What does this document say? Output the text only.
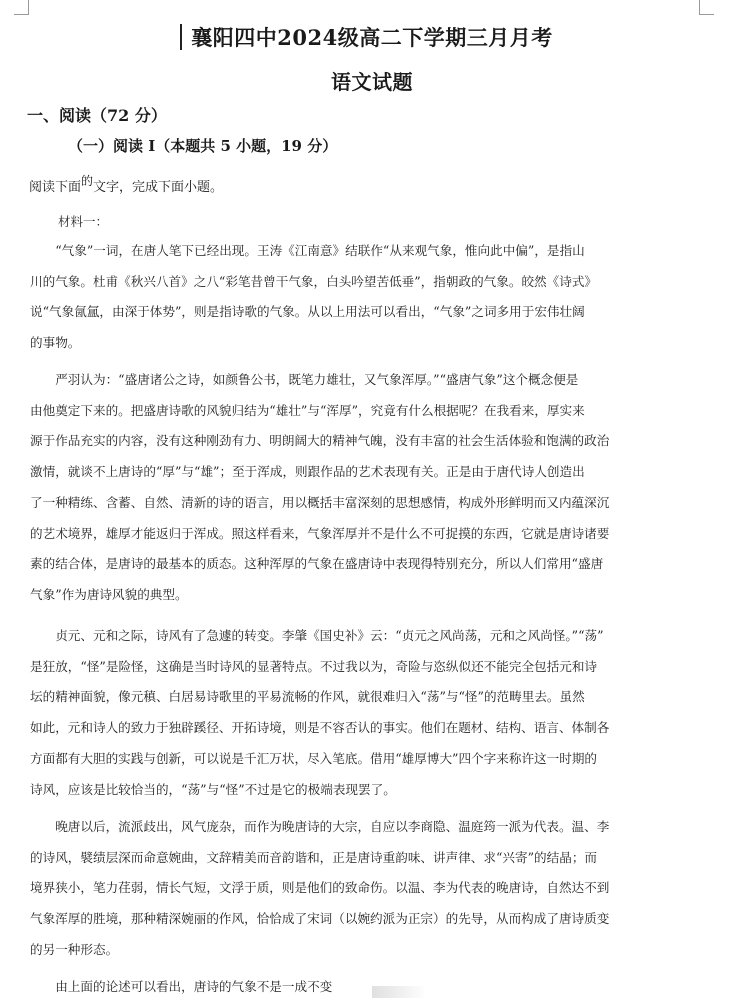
襄阳四中2024级高二下学期三月月考
语文试题
一、阅读（72 分）
（一）阅读 Ⅰ（本题共 5 小题，19 分）
阅读下面的文字，完成下面小题。
材料一：
“气象”一词，在唐人笔下已经出现。王涛《江南意》结联作“从来观气象，惟向此中偏”，是指山
川的气象。杜甫《秋兴八首》之八“彩笔昔曾干气象，白头吟望苦低垂”，指朝政的气象。皎然《诗式》
说“气象氤氲，由深于体势”，则是指诗歌的气象。从以上用法可以看出，“气象”之词多用于宏伟壮阔
的事物。
严羽认为：“盛唐诸公之诗，如颜鲁公书，既笔力雄壮，又气象浑厚。”“盛唐气象”这个概念便是
由他奠定下来的。把盛唐诗歌的风貌归结为“雄壮”与“浑厚”，究竟有什么根据呢？在我看来，厚实来
源于作品充实的内容，没有这种刚劲有力、明朗阔大的精神气魄，没有丰富的社会生活体验和饱满的政治
激情，就谈不上唐诗的“厚”与“雄”；至于浑成，则跟作品的艺术表现有关。正是由于唐代诗人创造出
了一种精练、含蓄、自然、清新的诗的语言，用以概括丰富深刻的思想感情，构成外形鲜明而又内蕴深沉
的艺术境界，雄厚才能返归于浑成。照这样看来，气象浑厚并不是什么不可捉摸的东西，它就是唐诗诸要
素的结合体，是唐诗的最基本的质态。这种浑厚的气象在盛唐诗中表现得特别充分，所以人们常用“盛唐
气象”作为唐诗风貌的典型。
贞元、元和之际，诗风有了急遽的转变。李肇《国史补》云：“贞元之风尚荡，元和之风尚怪。”“荡”
是狂放，“怪”是险怪，这确是当时诗风的显著特点。不过我以为，奇险与恣纵似还不能完全包括元和诗
坛的精神面貌，像元稹、白居易诗歌里的平易流畅的作风，就很难归入“荡”与“怪”的范畴里去。虽然
如此，元和诗人的致力于独辟蹊径、开拓诗境，则是不容否认的事实。他们在题材、结构、语言、体制各
方面都有大胆的实践与创新，可以说是千汇万状，尽入笔底。借用“雄厚博大”四个字来称许这一时期的
诗风，应该是比较恰当的，“荡”与“怪”不过是它的极端表现罢了。
晚唐以后，流派歧出，风气庞杂，而作为晚唐诗的大宗，自应以李商隐、温庭筠一派为代表。温、李
的诗风，襞绩层深而命意婉曲，文辞精美而音韵谐和，正是唐诗重韵味、讲声律、求“兴寄”的结晶；而
境界狭小，笔力荏弱，情长气短，文浮于质，则是他们的致命伤。以温、李为代表的晚唐诗，自然达不到
气象浑厚的胜境，那种精深婉丽的作风，恰恰成了宋词（以婉约派为正宗）的先导，从而构成了唐诗质变
的另一种形态。
由上面的论述可以看出，唐诗的气象不是一成不变
